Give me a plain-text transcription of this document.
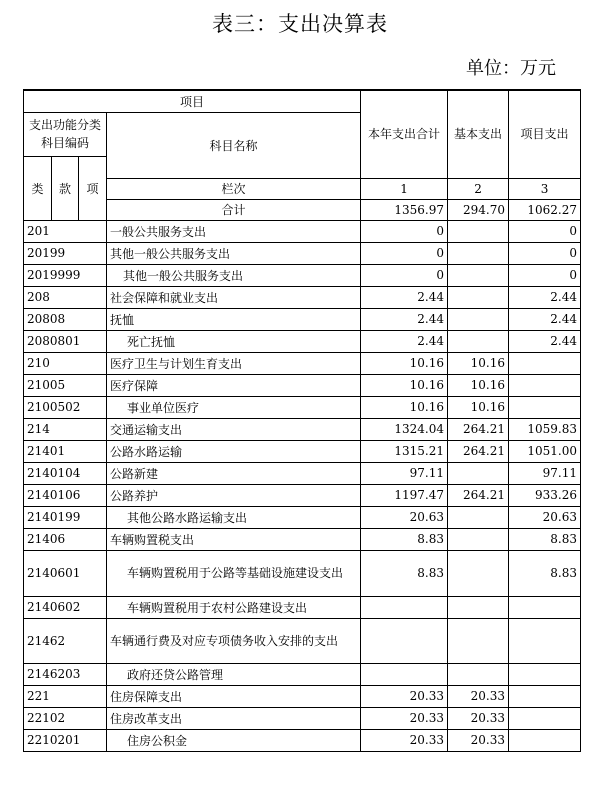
表三：支出决算表
单位：万元
项目				本年支出合计	基本支出	项目支出
支出功能分类科目编码			科目名称			
类	款	项				
			栏次	1	2	3
			合计	1356.97	294.70	1062.27
201			一般公共服务支出	0		0
20199			其他一般公共服务支出	0		0
2019999			其他一般公共服务支出	0		0
208			社会保障和就业支出	2.44		2.44
20808			抚恤	2.44		2.44
2080801			死亡抚恤	2.44		2.44
210			医疗卫生与计划生育支出	10.16	10.16	
21005			医疗保障	10.16	10.16	
2100502			事业单位医疗	10.16	10.16	
214			交通运输支出	1324.04	264.21	1059.83
21401			公路水路运输	1315.21	264.21	1051.00
2140104			公路新建	97.11		97.11
2140106			公路养护	1197.47	264.21	933.26
2140199			其他公路水路运输支出	20.63		20.63
21406			车辆购置税支出	8.83		8.83
2140601			车辆购置税用于公路等基础设施建设支出	8.83		8.83
2140602			车辆购置税用于农村公路建设支出			
21462			车辆通行费及对应专项债务收入安排的支出			
2146203			政府还贷公路管理			
221			住房保障支出	20.33	20.33	
22102			住房改革支出	20.33	20.33	
2210201			住房公积金	20.33	20.33	
